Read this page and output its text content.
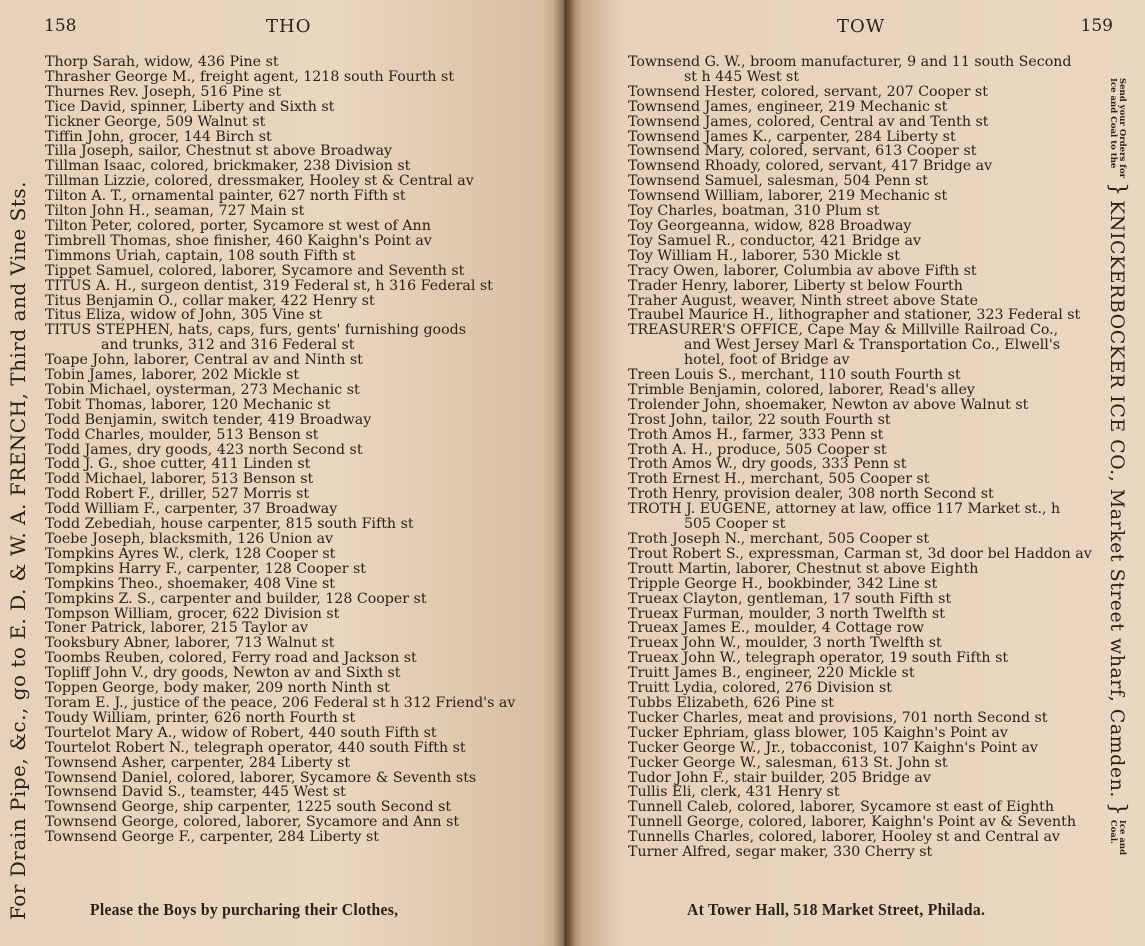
158	THO
Thorp Sarah, widow, 436 Pine st
Thrasher George M., freight agent, 1218 south Fourth st
Thurnes Rev. Joseph, 516 Pine st
Tice David, spinner, Liberty and Sixth st
Tickner George, 509 Walnut st
Tiffin John, grocer, 144 Birch st
Tilla Joseph, sailor, Chestnut st above Broadway
Tillman Isaac, colored, brickmaker, 238 Division st
Tillman Lizzie, colored, dressmaker, Hooley st & Central av
Tilton A. T., ornamental painter, 627 north Fifth st
Tilton John H., seaman, 727 Main st
Tilton Peter, colored, porter, Sycamore st west of Ann
Timbrell Thomas, shoe finisher, 460 Kaighn's Point av
Timmons Uriah, captain, 108 south Fifth st
Tippet Samuel, colored, laborer, Sycamore and Seventh st
TITUS A. H., surgeon dentist, 319 Federal st, h 316 Federal st
Titus Benjamin O., collar maker, 422 Henry st
Titus Eliza, widow of John, 305 Vine st
TITUS STEPHEN, hats, caps, furs, gents' furnishing goods
and trunks, 312 and 316 Federal st
Toape John, laborer, Central av and Ninth st
Tobin James, laborer, 202 Mickle st
Tobin Michael, oysterman, 273 Mechanic st
Tobit Thomas, laborer, 120 Mechanic st
Todd Benjamin, switch tender, 419 Broadway
Todd Charles, moulder, 513 Benson st
Todd James, dry goods, 423 north Second st
Todd J. G., shoe cutter, 411 Linden st
Todd Michael, laborer, 513 Benson st
Todd Robert F., driller, 527 Morris st
Todd William F., carpenter, 37 Broadway
Todd Zebediah, house carpenter, 815 south Fifth st
Toebe Joseph, blacksmith, 126 Union av
Tompkins Ayres W., clerk, 128 Cooper st
Tompkins Harry F., carpenter, 128 Cooper st
Tompkins Theo., shoemaker, 408 Vine st
Tompkins Z. S., carpenter and builder, 128 Cooper st
Tompson William, grocer, 622 Division st
Toner Patrick, laborer, 215 Taylor av
Tooksbury Abner, laborer, 713 Walnut st
Toombs Reuben, colored, Ferry road and Jackson st
Topliff John V., dry goods, Newton av and Sixth st
Toppen George, body maker, 209 north Ninth st
Toram E. J., justice of the peace, 206 Federal st h 312 Friend's av
Toudy William, printer, 626 north Fourth st
Tourtelot Mary A., widow of Robert, 440 south Fifth st
Tourtelot Robert N., telegraph operator, 440 south Fifth st
Townsend Asher, carpenter, 284 Liberty st
Townsend Daniel, colored, laborer, Sycamore & Seventh sts
Townsend David S., teamster, 445 West st
Townsend George, ship carpenter, 1225 south Second st
Townsend George, colored, laborer, Sycamore and Ann st
Townsend George F., carpenter, 284 Liberty st
Please the Boys by purcharing their Clothes,
For Drain Pipe, &c., go to E. D. & W. A. FRENCH, Third and Vine Sts.
159
TOW
Townsend G. W., broom manufacturer, 9 and 11 south Second
st h 445 West st
Townsend Hester, colored, servant, 207 Cooper st
Townsend James, engineer, 219 Mechanic st
Townsend James, colored, Central av and Tenth st
Townsend James K., carpenter, 284 Liberty st
Townsend Mary, colored, servant, 613 Cooper st
Townsend Rhoady, colored, servant, 417 Bridge av
Townsend Samuel, salesman, 504 Penn st
Townsend William, laborer, 219 Mechanic st
Toy Charles, boatman, 310 Plum st
Toy Georgeanna, widow, 828 Broadway
Toy Samuel R., conductor, 421 Bridge av
Toy William H., laborer, 530 Mickle st
Tracy Owen, laborer, Columbia av above Fifth st
Trader Henry, laborer, Liberty st below Fourth
Traher August, weaver, Ninth street above State
Traubel Maurice H., lithographer and stationer, 323 Federal st
TREASURER'S OFFICE, Cape May & Millville Railroad Co.,
and West Jersey Marl & Transportation Co., Elwell's
hotel, foot of Bridge av
Treen Louis S., merchant, 110 south Fourth st
Trimble Benjamin, colored, laborer, Read's alley
Trolender John, shoemaker, Newton av above Walnut st
Trost John, tailor, 22 south Fourth st
Troth Amos H., farmer, 333 Penn st
Troth A. H., produce, 505 Cooper st
Troth Amos W., dry goods, 333 Penn st
Troth Ernest H., merchant, 505 Cooper st
Troth Henry, provision dealer, 308 north Second st
TROTH J. EUGENE, attorney at law, office 117 Market st., h
505 Cooper st
Troth Joseph N., merchant, 505 Cooper st
Trout Robert S., expressman, Carman st, 3d door bel Haddon av
Troutt Martin, laborer, Chestnut st above Eighth
Tripple George H., bookbinder, 342 Line st
Trueax Clayton, gentleman, 17 south Fifth st
Trueax Furman, moulder, 3 north Twelfth st
Trueax James E., moulder, 4 Cottage row
Trueax John W., moulder, 3 north Twelfth st
Trueax John W., telegraph operator, 19 south Fifth st
Truitt James B., engineer, 220 Mickle st
Truitt Lydia, colored, 276 Division st
Tubbs Elizabeth, 626 Pine st
Tucker Charles, meat and provisions, 701 north Second st
Tucker Ephriam, glass blower, 105 Kaighn's Point av
Tucker George W., Jr., tobacconist, 107 Kaighn's Point av
Tucker George W., salesman, 613 St. John st
Tudor John F., stair builder, 205 Bridge av
Tullis Eli, clerk, 431 Henry st
Tunnell Caleb, colored, laborer, Sycamore st east of Eighth
Tunnell George, colored, laborer, Kaighn's Point av & Seventh
Tunnells Charles, colored, laborer, Hooley st and Central av
Turner Alfred, segar maker, 330 Cherry st
At Tower Hall, 518 Market Street, Philada.
Send your Orders for
Ice and Coal to the
}
KNICKERBOCKER ICE CO., Market Street wharf, Camden.
}
Ice and
Coal.
